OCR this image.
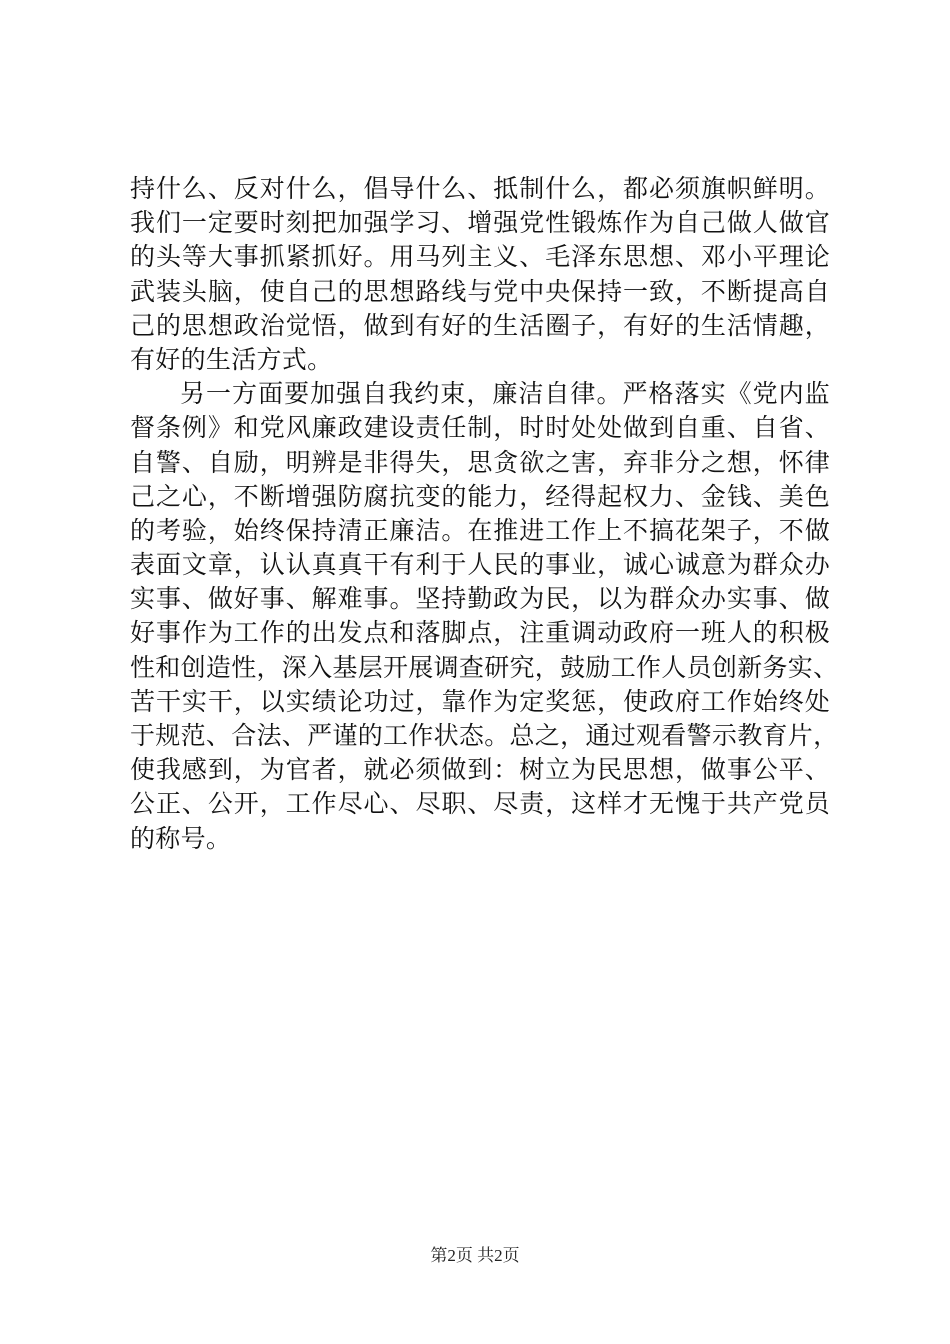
持什么、反对什么，倡导什么、抵制什么，都必须旗帜鲜明。
我们一定要时刻把加强学习、增强党性锻炼作为自己做人做官
的头等大事抓紧抓好。用马列主义、毛泽东思想、邓小平理论
武装头脑，使自己的思想路线与党中央保持一致，不断提高自
己的思想政治觉悟，做到有好的生活圈子，有好的生活情趣，
有好的生活方式。
另一方面要加强自我约束，廉洁自律。严格落实《党内监
督条例》和党风廉政建设责任制，时时处处做到自重、自省、
自警、自励，明辨是非得失，思贪欲之害，弃非分之想，怀律
己之心，不断增强防腐抗变的能力，经得起权力、金钱、美色
的考验，始终保持清正廉洁。在推进工作上不搞花架子，不做
表面文章，认认真真干有利于人民的事业，诚心诚意为群众办
实事、做好事、解难事。坚持勤政为民，以为群众办实事、做
好事作为工作的出发点和落脚点，注重调动政府一班人的积极
性和创造性，深入基层开展调查研究，鼓励工作人员创新务实、
苦干实干，以实绩论功过，靠作为定奖惩，使政府工作始终处
于规范、合法、严谨的工作状态。总之，通过观看警示教育片，
使我感到，为官者，就必须做到：树立为民思想，做事公平、
公正、公开，工作尽心、尽职、尽责，这样才无愧于共产党员
的称号。
第2页 共2页
